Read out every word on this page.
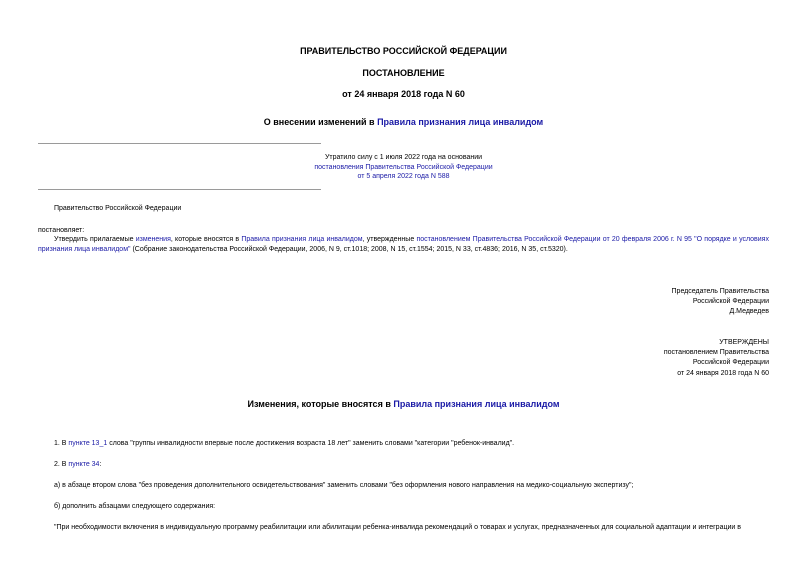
ПРАВИТЕЛЬСТВО РОССИЙСКОЙ ФЕДЕРАЦИИ
ПОСТАНОВЛЕНИЕ
от 24 января 2018 года N 60
О внесении изменений в Правила признания лица инвалидом
Утратило силу с 1 июля 2022 года на основании
постановления Правительства Российской Федерации
от 5 апреля 2022 года N 588
Правительство Российской Федерации
постановляет:
Утвердить прилагаемые изменения, которые вносятся в Правила признания лица инвалидом, утвержденные постановлением Правительства Российской Федерации от 20 февраля 2006 г. N 95 "О порядке и условиях признания лица инвалидом" (Собрание законодательства Российской Федерации, 2006, N 9, ст.1018; 2008, N 15, ст.1554; 2015, N 33, ст.4836; 2016, N 35, ст.5320).
Председатель Правительства
Российской Федерации
Д.Медведев
УТВЕРЖДЕНЫ
постановлением Правительства
Российской Федерации
от 24 января 2018 года N 60
Изменения, которые вносятся в Правила признания лица инвалидом
1. В пункте 13_1 слова "группы инвалидности впервые после достижения возраста 18 лет" заменить словами "категории "ребенок-инвалид".
2. В пункте 34:
а) в абзаце втором слова "без проведения дополнительного освидетельствования" заменить словами "без оформления нового направления на медико-социальную экспертизу";
б) дополнить абзацами следующего содержания:
"При необходимости включения в индивидуальную программу реабилитации или абилитации ребенка-инвалида рекомендаций о товарах и услугах, предназначенных для социальной адаптации и интеграции в
